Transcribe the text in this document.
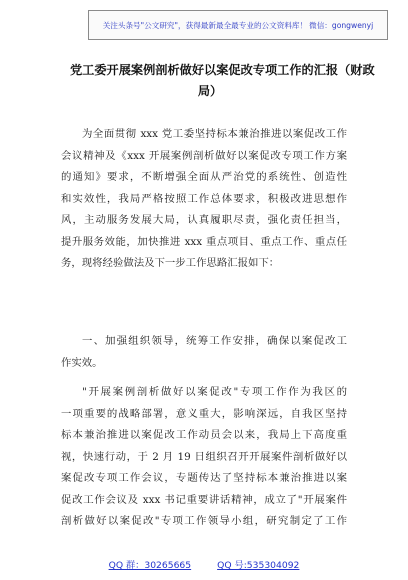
关注头条号"公文研究"，获得最新最全最专业的公文资料库！ 微信：gongwenyj
党工委开展案例剖析做好以案促改专项工作的汇报（财政
局）

为全面贯彻 xxx 党工委坚持标本兼治推进以案促改工作
会议精神及《xxx 开展案例剖析做好以案促改专项工作方案
的通知》要求，不断增强全面从严治党的系统性、创造性
和实效性，我局严格按照工作总体要求，积极改进思想作
风，主动服务发展大局，认真履职尽责，强化责任担当，
提升服务效能，加快推进 xxx 重点项目、重点工作、重点任
务，现将经验做法及下一步工作思路汇报如下：

一、加强组织领导，统筹工作安排，确保以案促改工
作实效。

"开展案例剖析做好以案促改"专项工作作为我区的
一项重要的战略部署，意义重大，影响深远，自我区坚持
标本兼治推进以案促改工作动员会以来，我局上下高度重
视，快速行动，于 2 月 19 日组织召开开展案件剖析做好以
案促改专项工作会议，专题传达了坚持标本兼治推进以案
促改工作会议及 xxx 书记重要讲话精神，成立了"开展案件
剖析做好以案促改"专项工作领导小组，研究制定了工作

QQ 群：30265665	QQ 号:535304092
